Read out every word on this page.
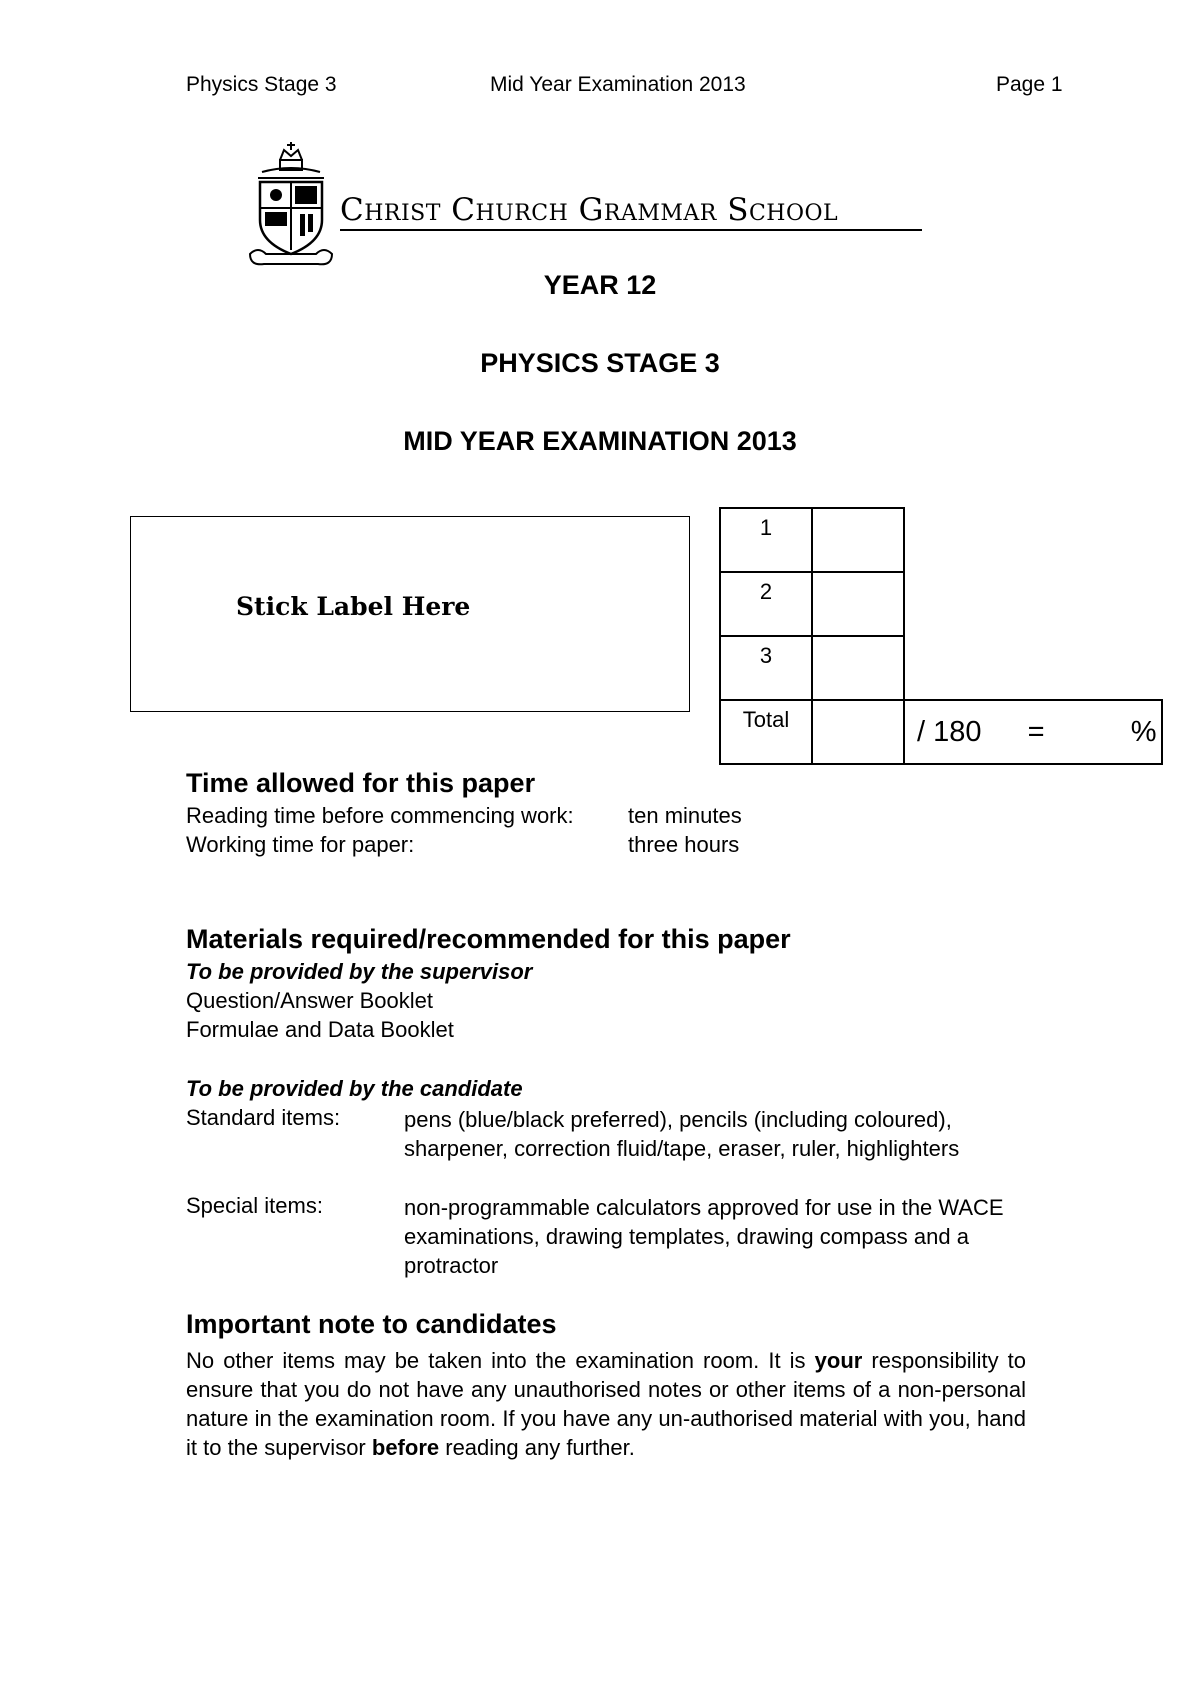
Physics Stage 3	Mid Year Examination 2013	Page 1
Christ Church Grammar School
YEAR 12
PHYSICS STAGE 3
MID YEAR EXAMINATION 2013
Stick Label Here
1		
2		
3		
Total		/ 180 = %
Time allowed for this paper
Reading time before commencing work: ten minutes
Working time for paper:	three hours
Materials required/recommended for this paper
To be provided by the supervisor
Question/Answer Booklet
Formulae and Data Booklet
To be provided by the candidate
Standard items:	pens (blue/black preferred), pencils (including coloured), sharpener, correction fluid/tape, eraser, ruler, highlighters
Special items:	non-programmable calculators approved for use in the WACE examinations, drawing templates, drawing compass and a protractor
Important note to candidates
No other items may be taken into the examination room. It is your responsibility to ensure that you do not have any unauthorised notes or other items of a non-personal nature in the examination room. If you have any un-authorised material with you, hand it to the supervisor before reading any further.
